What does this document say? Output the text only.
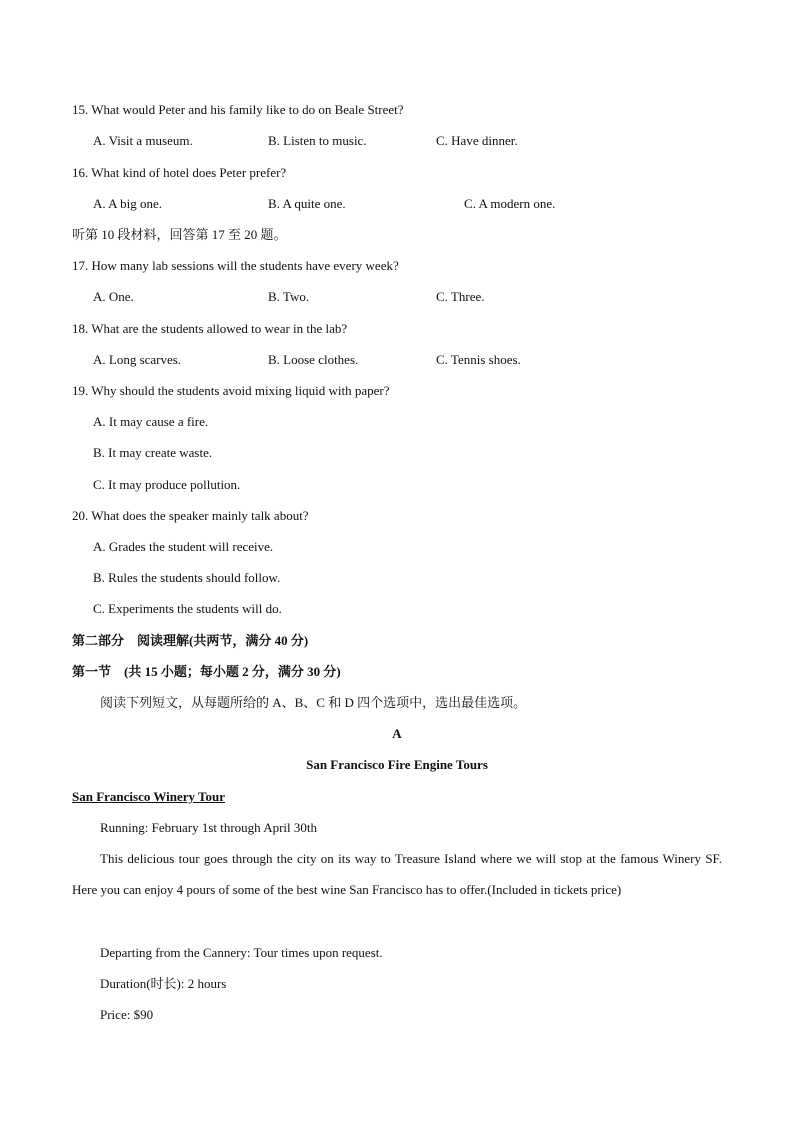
15. What would Peter and his family like to do on Beale Street?
A. Visit a museum.	B. Listen to music.	C. Have dinner.
16. What kind of hotel does Peter prefer?
A. A big one.	B. A quite one.	C. A modern one.
听第 10 段材料，回答第 17 至 20 题。
17. How many lab sessions will the students have every week?
A. One.	B. Two.	C. Three.
18. What are the students allowed to wear in the lab?
A. Long scarves.	B. Loose clothes.	C. Tennis shoes.
19. Why should the students avoid mixing liquid with paper?
A. It may cause a fire.
B. It may create waste.
C. It may produce pollution.
20. What does the speaker mainly talk about?
A. Grades the student will receive.
B. Rules the students should follow.
C. Experiments the students will do.
第二部分　阅读理解(共两节，满分 40 分)
第一节　(共 15 小题；每小题 2 分，满分 30 分)
阅读下列短文，从每题所给的 A、B、C 和 D 四个选项中，选出最佳选项。
A
San Francisco Fire Engine Tours
San Francisco Winery Tour
Running: February 1st through April 30th
This delicious tour goes through the city on its way to Treasure Island where we will stop at the famous Winery SF. Here you can enjoy 4 pours of some of the best wine San Francisco has to offer.(Included in tickets price)
Departing from the Cannery: Tour times upon request.
Duration(时长): 2 hours
Price: $90
